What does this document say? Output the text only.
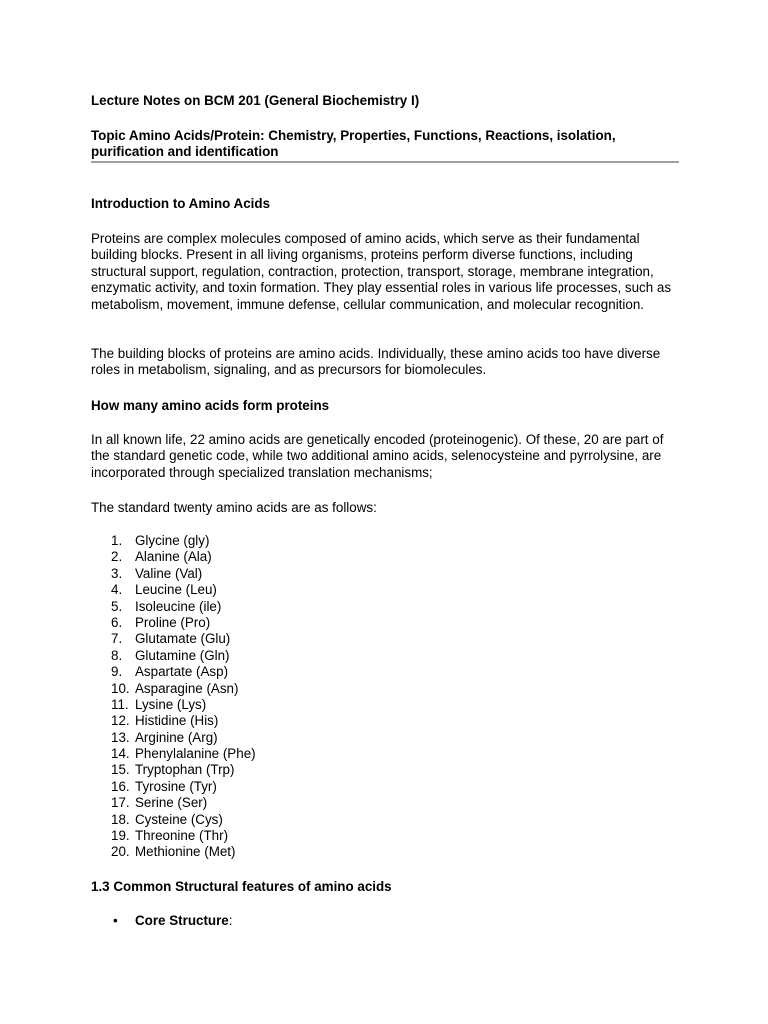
Lecture Notes on BCM 201 (General Biochemistry I)

Topic Amino Acids/Protein: Chemistry, Properties, Functions, Reactions, isolation, purification and identification

Introduction to Amino Acids

Proteins are complex molecules composed of amino acids, which serve as their fundamental building blocks. Present in all living organisms, proteins perform diverse functions, including structural support, regulation, contraction, protection, transport, storage, membrane integration, enzymatic activity, and toxin formation. They play essential roles in various life processes, such as metabolism, movement, immune defense, cellular communication, and molecular recognition.

The building blocks of proteins are amino acids. Individually, these amino acids too have diverse roles in metabolism, signaling, and as precursors for biomolecules.

How many amino acids form proteins

In all known life, 22 amino acids are genetically encoded (proteinogenic). Of these, 20 are part of the standard genetic code, while two additional amino acids, selenocysteine and pyrrolysine, are incorporated through specialized translation mechanisms;

The standard twenty amino acids are as follows:

1. Glycine (gly)
2. Alanine (Ala)
3. Valine (Val)
4. Leucine (Leu)
5. Isoleucine (ile)
6. Proline (Pro)
7. Glutamate (Glu)
8. Glutamine (Gln)
9. Aspartate (Asp)
10. Asparagine (Asn)
11. Lysine (Lys)
12. Histidine (His)
13. Arginine (Arg)
14. Phenylalanine (Phe)
15. Tryptophan (Trp)
16. Tyrosine (Tyr)
17. Serine (Ser)
18. Cysteine (Cys)
19. Threonine (Thr)
20. Methionine (Met)

1.3 Common Structural features of amino acids

• Core Structure:
